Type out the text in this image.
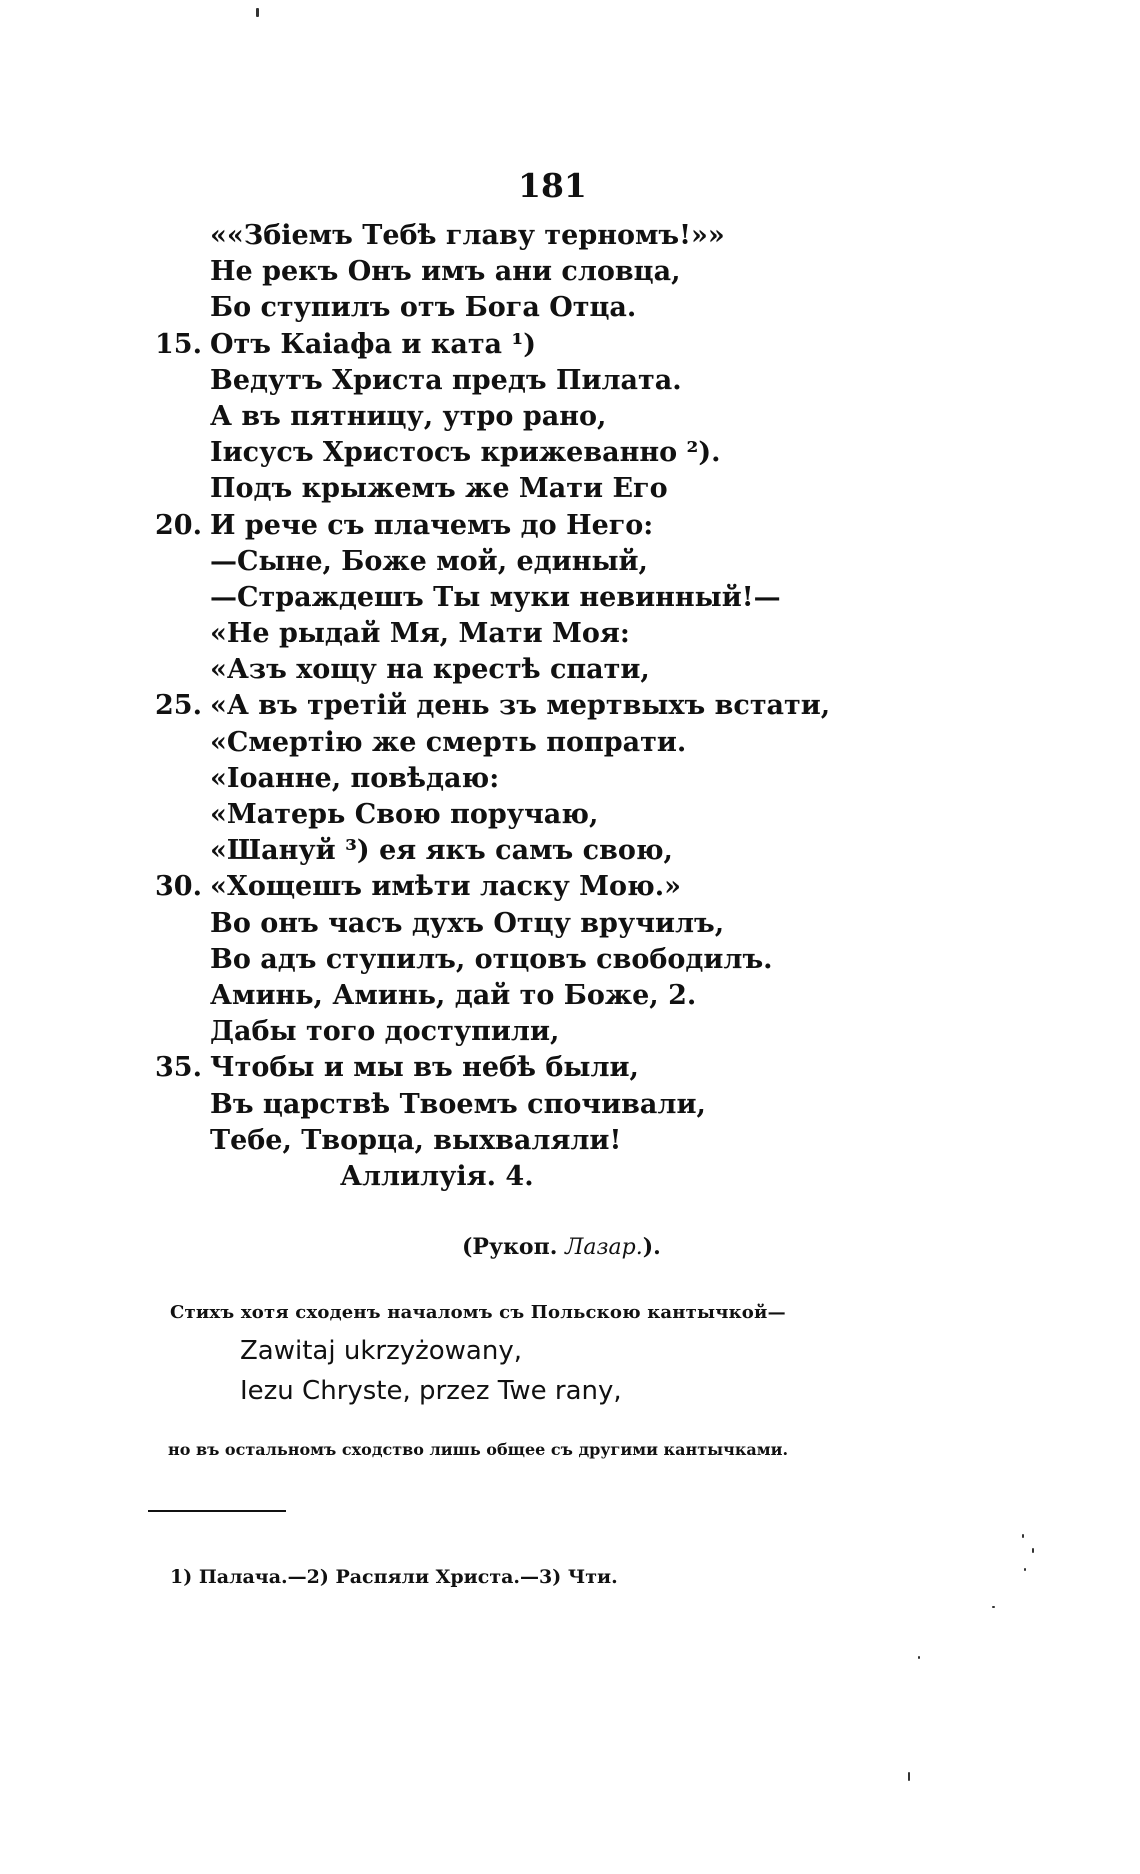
181
««Збіемъ Тебѣ главу терномъ!»»
Не рекъ Онъ имъ ани словца,
Бо ступилъ отъ Бога Отца.
15. Отъ Каіафа и ката ¹)
Ведутъ Христа предъ Пилата.
А въ пятницу, утро рано,
Іисусъ Христосъ крижеванно ²).
Подъ крыжемъ же Мати Его
20. И рече съ плачемъ до Него:
—Сыне, Боже мой, единый,
—Страждешъ Ты муки невинный!—
«Не рыдай Мя, Мати Моя:
«Азъ хощу на крестѣ спати,
25. «А въ третій день зъ мертвыхъ встати,
«Смертію же смерть попрати.
«Іоанне, повѣдаю:
«Матерь Свою поручаю,
«Шануй ³) ея якъ самъ свою,
30. «Хощешъ имѣти ласку Мою.»
Во онъ часъ духъ Отцу вручилъ,
Во адъ ступилъ, отцовъ свободилъ.
Аминь, Аминь, дай то Боже, 2.
Дабы того доступили,
35. Чтобы и мы въ небѣ были,
Въ царствѣ Твоемъ спочивали,
Тебе, Творца, выхваляли!
Аллилуія. 4.
(Рукоп. Лазар.).
Стихъ хотя сходенъ началомъ съ Польскою кантычкой—
Zawitaj ukrzyżowany,
Iezu Chryste, przez Twe rany,
но въ остальномъ сходство лишь общее съ другими кантычками.
1) Палача.—2) Распяли Христа.—3) Чти.
